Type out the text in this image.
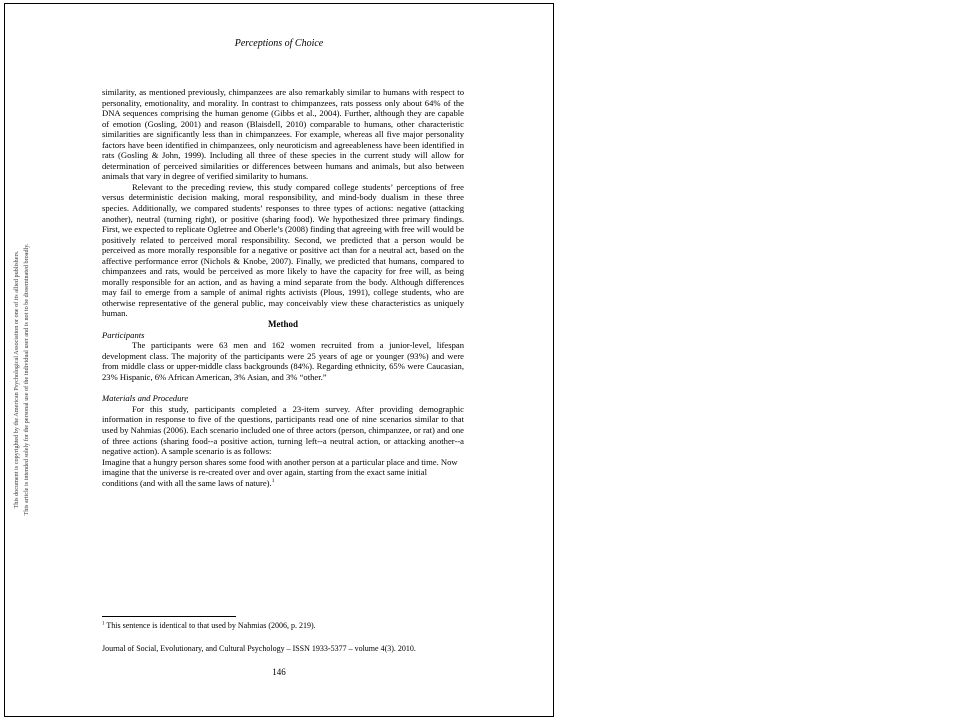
Perceptions of Choice
This document is copyrighted by the American Psychological Association or one of its allied publishers. This article is intended solely for the personal use of the individual user and is not to be disseminated broadly.

similarity, as mentioned previously, chimpanzees are also remarkably similar to humans with respect to personality, emotionality, and morality. In contrast to chimpanzees, rats possess only about 64% of the DNA sequences comprising the human genome (Gibbs et al., 2004). Further, although they are capable of emotion (Gosling, 2001) and reason (Blaisdell, 2010) comparable to humans, other characteristic similarities are significantly less than in chimpanzees. For example, whereas all five major personality factors have been identified in chimpanzees, only neuroticism and agreeableness have been identified in rats (Gosling & John, 1999). Including all three of these species in the current study will allow for determination of perceived similarities or differences between humans and animals, but also between animals that vary in degree of verified similarity to humans.

Relevant to the preceding review, this study compared college students’ perceptions of free versus deterministic decision making, moral responsibility, and mind-body dualism in these three species. Additionally, we compared students’ responses to three types of actions: negative (attacking another), neutral (turning right), or positive (sharing food). We hypothesized three primary findings. First, we expected to replicate Ogletree and Oberle’s (2008) finding that agreeing with free will would be positively related to perceived moral responsibility. Second, we predicted that a person would be perceived as more morally responsible for a negative or positive act than for a neutral act, based on the affective performance error (Nichols & Knobe, 2007). Finally, we predicted that humans, compared to chimpanzees and rats, would be perceived as more likely to have the capacity for free will, as being morally responsible for an action, and as having a mind separate from the body. Although differences may fail to emerge from a sample of animal rights activists (Plous, 1991), college students, who are otherwise representative of the general public, may conceivably view these characteristics as uniquely human.

Method

Participants

The participants were 63 men and 162 women recruited from a junior-level, lifespan development class. The majority of the participants were 25 years of age or younger (93%) and were from middle class or upper-middle class backgrounds (84%). Regarding ethnicity, 65% were Caucasian, 23% Hispanic, 6% African American, 3% Asian, and 3% “other.”

Materials and Procedure

For this study, participants completed a 23-item survey. After providing demographic information in response to five of the questions, participants read one of nine scenarios similar to that used by Nahmias (2006). Each scenario included one of three actors (person, chimpanzee, or rat) and one of three actions (sharing food--a positive action, turning left--a neutral action, or attacking another--a negative action). A sample scenario is as follows:

Imagine that a hungry person shares some food with another person at a particular place and time. Now imagine that the universe is re-created over and over again, starting from the exact same initial conditions (and with all the same laws of nature).$^1$

$^1$ This sentence is identical to that used by Nahmias (2006, p. 219).
Journal of Social, Evolutionary, and Cultural Psychology – ISSN 1933-5377 – volume 4(3). 2010.
146
